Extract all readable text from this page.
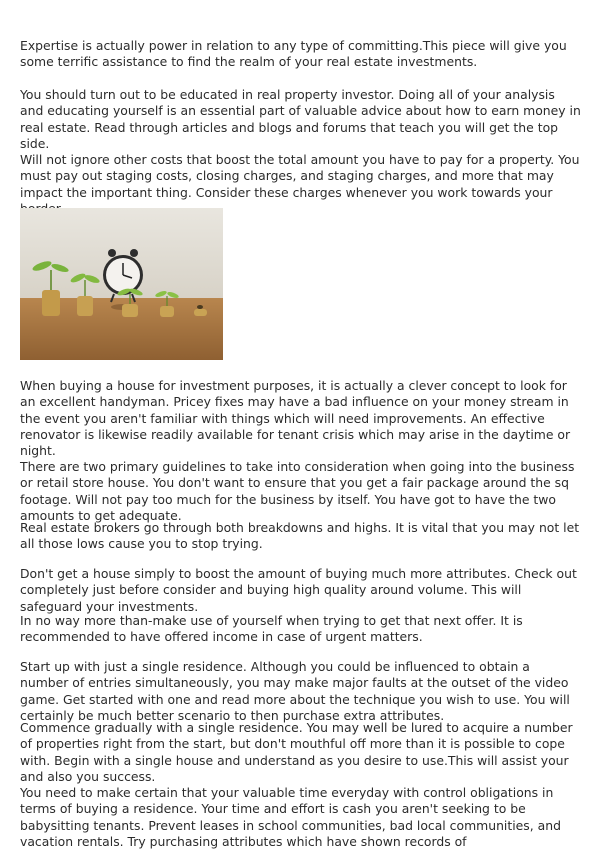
Expertise is actually power in relation to any type of committing.This piece will give you some terrific assistance to find the realm of your real estate investments.

You should turn out to be educated in real property investor. Doing all of your analysis and educating yourself is an essential part of valuable advice about how to earn money in real estate. Read through articles and blogs and forums that teach you will get the top side.

Will not ignore other costs that boost the total amount you have to pay for a property. You must pay out staging costs, closing charges, and staging charges, and more that may impact the important thing. Consider these charges whenever you work towards your

When buying a house for investment purposes, it is actually a clever concept to look for an excellent handyman. Pricey fixes may have a bad influence on your money stream in the event you aren't familiar with things which will need improvements. An effective renovator is likewise readily available for tenant crisis which may arise in the daytime or night.

There are two primary guidelines to take into consideration when going into the business or retail store house. You don't want to ensure that you get a fair package around the sq footage. Will not pay too much for the business by itself. You have got to have the two amounts to get adequate.

Real estate brokers go through both breakdowns and highs. It is vital that you may not let all those lows cause you to stop trying.

Don't get a house simply to boost the amount of buying much more attributes. Check out completely just before consider and buying high quality around volume. This will safeguard your investments.

In no way more than-make use of yourself when trying to get that next offer. It is recommended to have offered income in case of urgent matters.

Start up with just a single residence. Although you could be influenced to obtain a number of entries simultaneously, you may make major faults at the outset of the video game. Get started with one and read more about the technique you wish to use. You will certainly be much better scenario to then purchase extra attributes.

Commence gradually with a single residence. You may well be lured to acquire a number of properties right from the start, but don't mouthful off more than it is possible to cope with. Begin with a single house and understand as you desire to use.This will assist your and also you success.

You need to make certain that your valuable time everyday with control obligations in terms of buying a residence. Your time and effort is cash you aren't seeking to be babysitting tenants. Prevent leases in school communities, bad local communities, and vacation rentals. Try purchasing attributes which have shown records of
